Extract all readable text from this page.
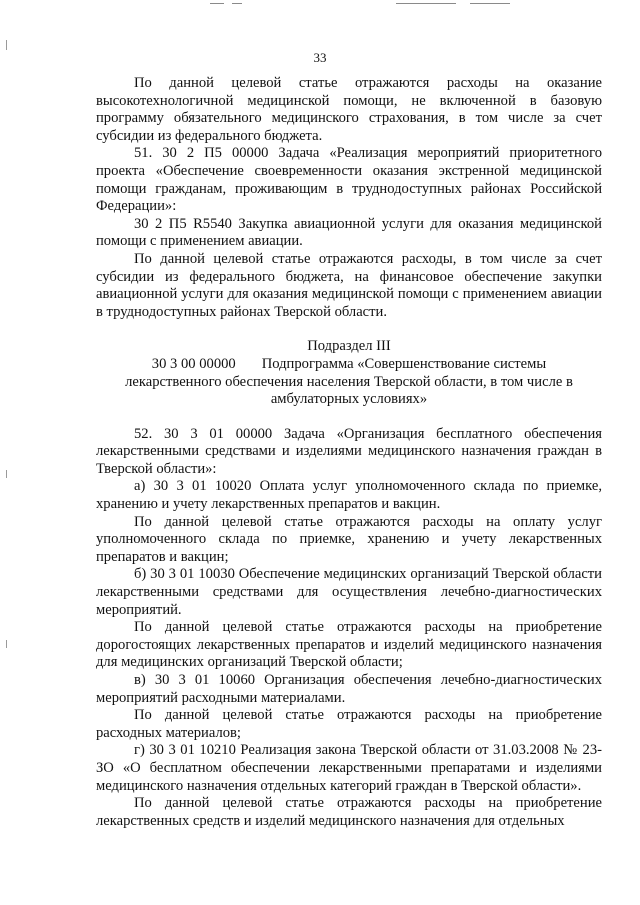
33

По данной целевой статье отражаются расходы на оказание высокотехнологичной медицинской помощи, не включенной в базовую программу обязательного медицинского страхования, в том числе за счет субсидии из федерального бюджета.

51. 30 2 П5 00000 Задача «Реализация мероприятий приоритетного проекта «Обеспечение своевременности оказания экстренной медицинской помощи гражданам, проживающим в труднодоступных районах Российской Федерации»:

30 2 П5 R5540 Закупка авиационной услуги для оказания медицинской помощи с применением авиации.

По данной целевой статье отражаются расходы, в том числе за счет субсидии из федерального бюджета, на финансовое обеспечение закупки авиационной услуги для оказания медицинской помощи с применением авиации в труднодоступных районах Тверской области.

Подраздел III

30 3 00 00000 Подпрограмма «Совершенствование системы

лекарственного обеспечения населения Тверской области, в том числе в

амбулаторных условиях»

52. 30 3 01 00000 Задача «Организация бесплатного обеспечения лекарственными средствами и изделиями медицинского назначения граждан в Тверской области»:

а) 30 3 01 10020 Оплата услуг уполномоченного склада по приемке, хранению и учету лекарственных препаратов и вакцин.

По данной целевой статье отражаются расходы на оплату услуг уполномоченного склада по приемке, хранению и учету лекарственных препаратов и вакцин;

б) 30 3 01 10030 Обеспечение медицинских организаций Тверской области лекарственными средствами для осуществления лечебно-диагностических мероприятий.

По данной целевой статье отражаются расходы на приобретение дорогостоящих лекарственных препаратов и изделий медицинского назначения для медицинских организаций Тверской области;

в) 30 3 01 10060 Организация обеспечения лечебно-диагностических мероприятий расходными материалами.

По данной целевой статье отражаются расходы на приобретение расходных материалов;

г) 30 3 01 10210 Реализация закона Тверской области от 31.03.2008 № 23-ЗО «О бесплатном обеспечении лекарственными препаратами и изделиями медицинского назначения отдельных категорий граждан в Тверской области».

По данной целевой статье отражаются расходы на приобретение лекарственных средств и изделий медицинского назначения для отдельных
